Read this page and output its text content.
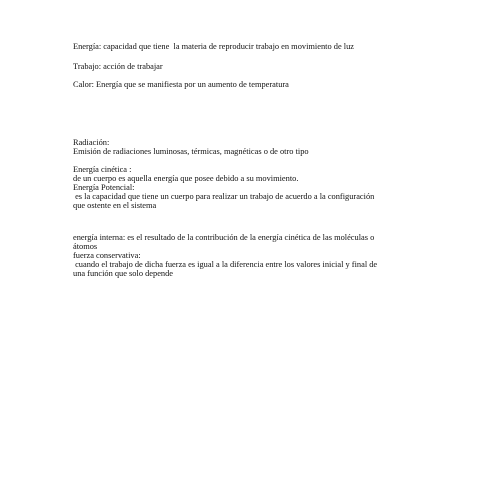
Energía: capacidad que tiene  la materia de reproducir trabajo en movimiento de luz
Trabajo: acción de trabajar
Calor: Energía que se manifiesta por un aumento de temperatura
Radiación:
Emisión de radiaciones luminosas, térmicas, magnéticas o de otro tipo
Energía cinética :
de un cuerpo es aquella energía que posee debido a su movimiento.
Energía Potencial:
es la capacidad que tiene un cuerpo para realizar un trabajo de acuerdo a la configuración
que ostente en el sistema
energía interna: es el resultado de la contribución de la energía cinética de las moléculas o
átomos
fuerza conservativa:
cuando el trabajo de dicha fuerza es igual a la diferencia entre los valores inicial y final de
una función que solo depende
